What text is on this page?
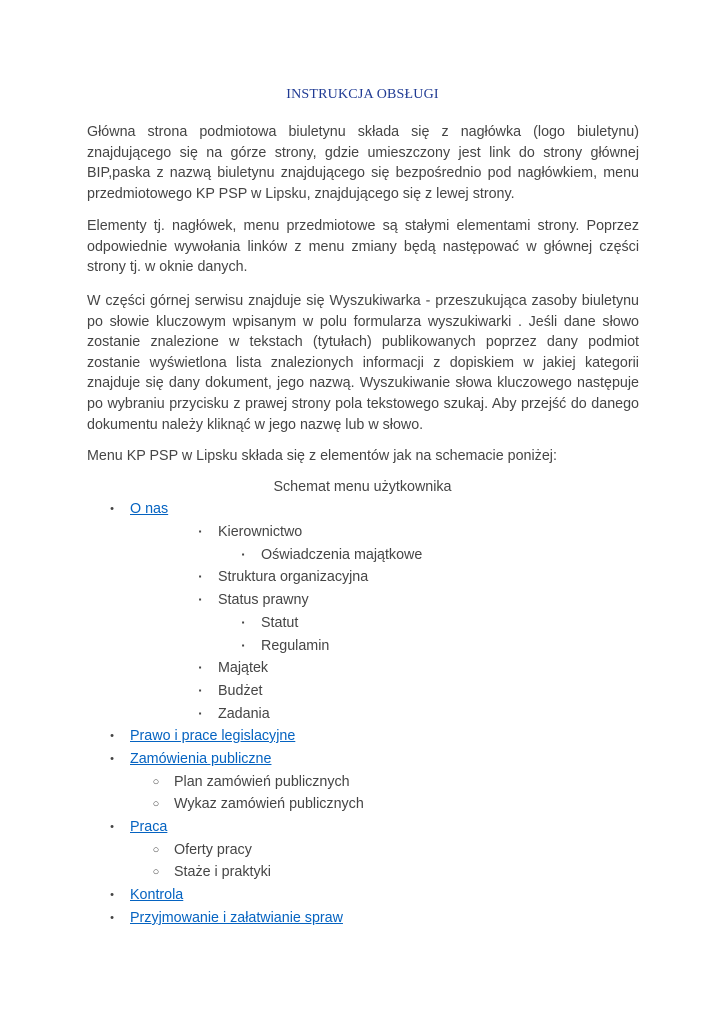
INSTRUKCJA OBSŁUGI

Główna strona podmiotowa biuletynu składa się z nagłówka (logo biuletynu) znajdującego się na górze strony, gdzie umieszczony jest link do strony głównej BIP,paska z nazwą biuletynu znajdującego się bezpośrednio pod nagłówkiem, menu przedmiotowego KP PSP w Lipsku, znajdującego się z lewej strony.

Elementy tj. nagłówek, menu przedmiotowe są stałymi elementami strony. Poprzez odpowiednie wywołania linków z menu zmiany będą następować w głównej części strony tj. w oknie danych.

W części górnej serwisu znajduje się Wyszukiwarka - przeszukująca zasoby biuletynu po słowie kluczowym wpisanym w polu formularza wyszukiwarki . Jeśli dane słowo zostanie znalezione w tekstach (tytułach) publikowanych poprzez dany podmiot zostanie wyświetlona lista znalezionych informacji z dopiskiem w jakiej kategorii znajduje się dany dokument, jego nazwą. Wyszukiwanie słowa kluczowego następuje po wybraniu przycisku z prawej strony pola tekstowego szukaj. Aby przejść do danego dokumentu należy kliknąć w jego nazwę lub w słowo.

Menu KP PSP w Lipsku składa się z elementów jak na schemacie poniżej:

Schemat menu użytkownika
• O nas
▪	Kierownictwo
▪	Oświadczenia majątkowe
▪	Struktura organizacyjna
▪	Status prawny
▪	Statut
▪	Regulamin
▪	Majątek
▪	Budżet
▪	Zadania
• Prawo i prace legislacyjne
• Zamówienia publiczne
○ Plan zamówień publicznych
○ Wykaz zamówień publicznych
• Praca
○ Oferty pracy
○ Staże i praktyki
• Kontrola
• Przyjmowanie i załatwianie spraw
